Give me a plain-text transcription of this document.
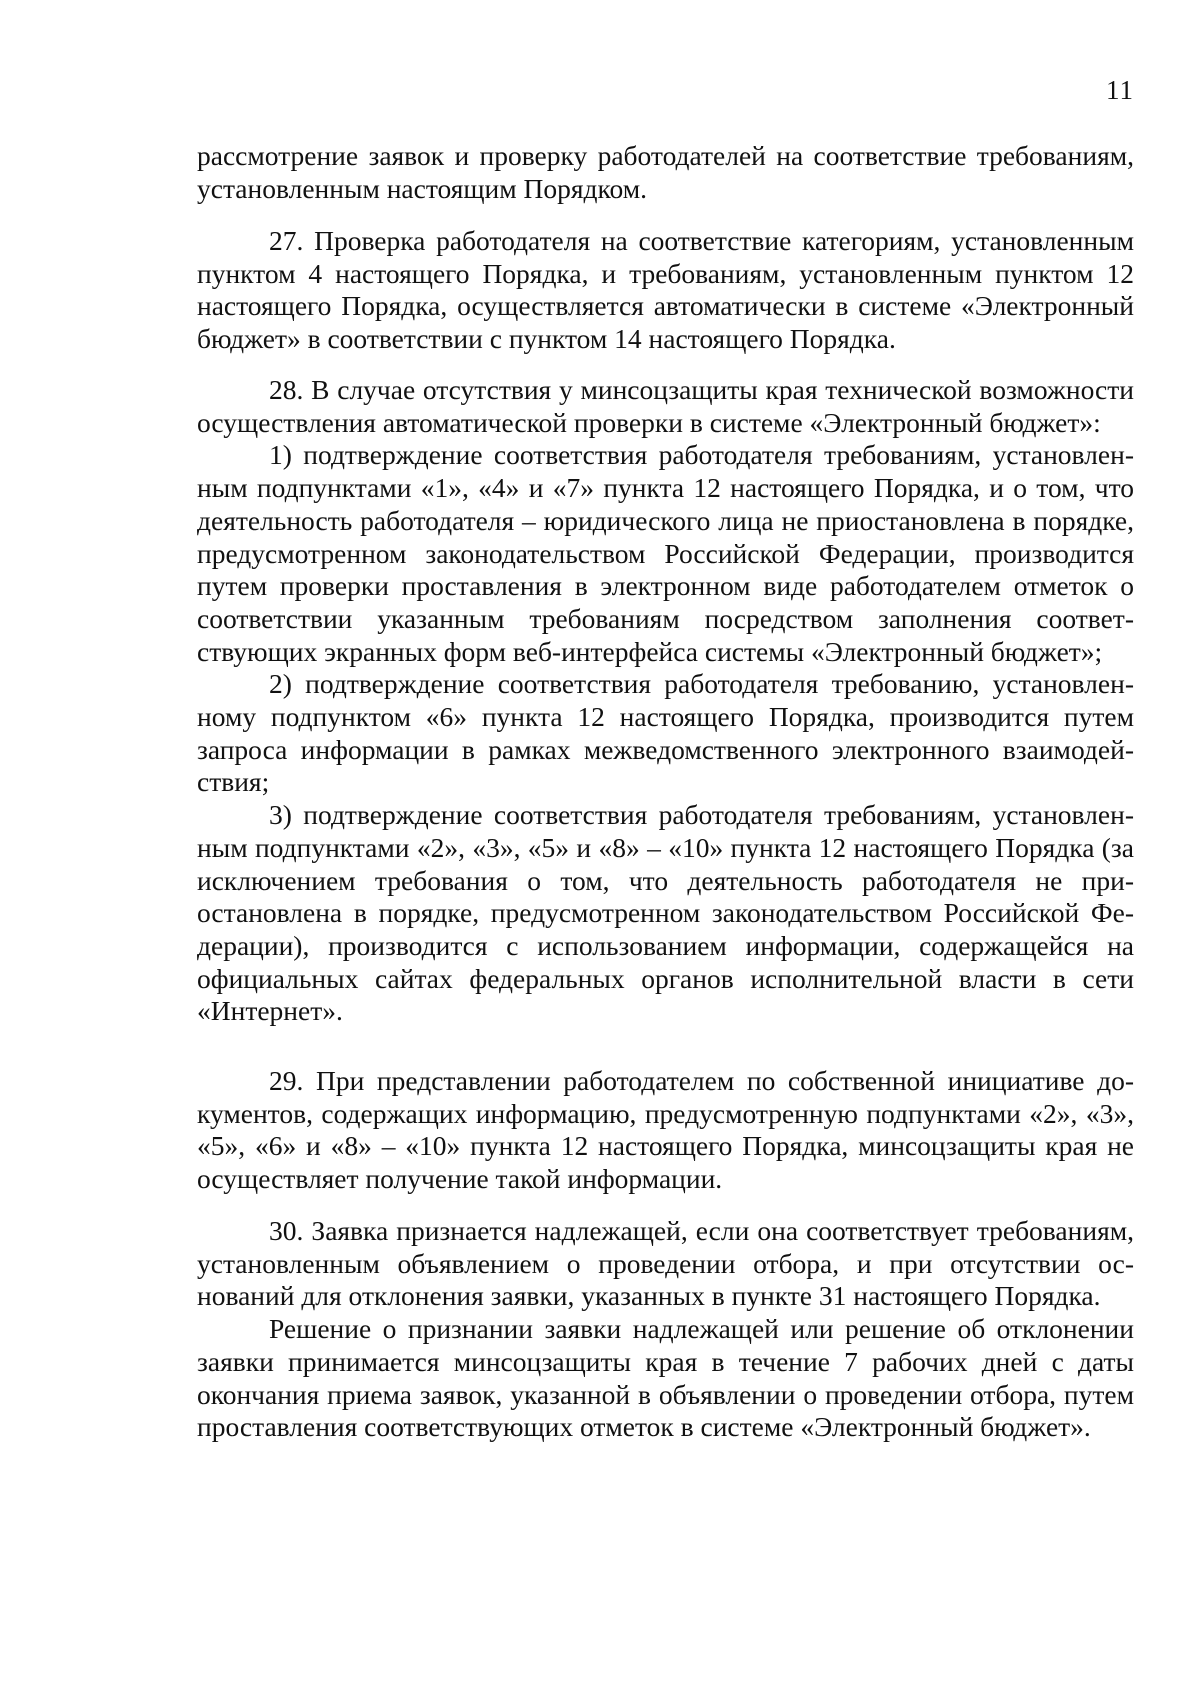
11

рассмотрение заявок и проверку работодателей на соответствие требованиям, установленным настоящим Порядком.

27. Проверка работодателя на соответствие категориям, установленным пунктом 4 настоящего Порядка, и требованиям, установленным пунктом 12 настоящего Порядка, осуществляется автоматически в системе «Электронный бюджет» в соответствии с пунктом 14 настоящего Порядка.

28. В случае отсутствия у минсоцзащиты края технической возможности осуществления автоматической проверки в системе «Электронный бюджет»:

1) подтверждение соответствия работодателя требованиям, установленным подпунктами «1», «4» и «7» пункта 12 настоящего Порядка, и о том, что деятельность работодателя – юридического лица не приостановлена в порядке, предусмотренном законодательством Российской Федерации, производится путем проверки проставления в электронном виде работодателем отметок о соответствии указанным требованиям посредством заполнения соответствующих экранных форм веб-интерфейса системы «Электронный бюджет»;

2) подтверждение соответствия работодателя требованию, установленному подпунктом «6» пункта 12 настоящего Порядка, производится путем запроса информации в рамках межведомственного электронного взаимодействия;

3) подтверждение соответствия работодателя требованиям, установленным подпунктами «2», «3», «5» и «8» – «10» пункта 12 настоящего Порядка (за исключением требования о том, что деятельность работодателя не приостановлена в порядке, предусмотренном законодательством Российской Федерации), производится с использованием информации, содержащейся на официальных сайтах федеральных органов исполнительной власти в сети «Интернет».

29. При представлении работодателем по собственной инициативе документов, содержащих информацию, предусмотренную подпунктами «2», «3», «5», «6» и «8» – «10» пункта 12 настоящего Порядка, минсоцзащиты края не осуществляет получение такой информации.

30. Заявка признается надлежащей, если она соответствует требованиям, установленным объявлением о проведении отбора, и при отсутствии оснований для отклонения заявки, указанных в пункте 31 настоящего Порядка.

Решение о признании заявки надлежащей или решение об отклонении заявки принимается минсоцзащиты края в течение 7 рабочих дней с даты окончания приема заявок, указанной в объявлении о проведении отбора, путем проставления соответствующих отметок в системе «Электронный бюджет».
